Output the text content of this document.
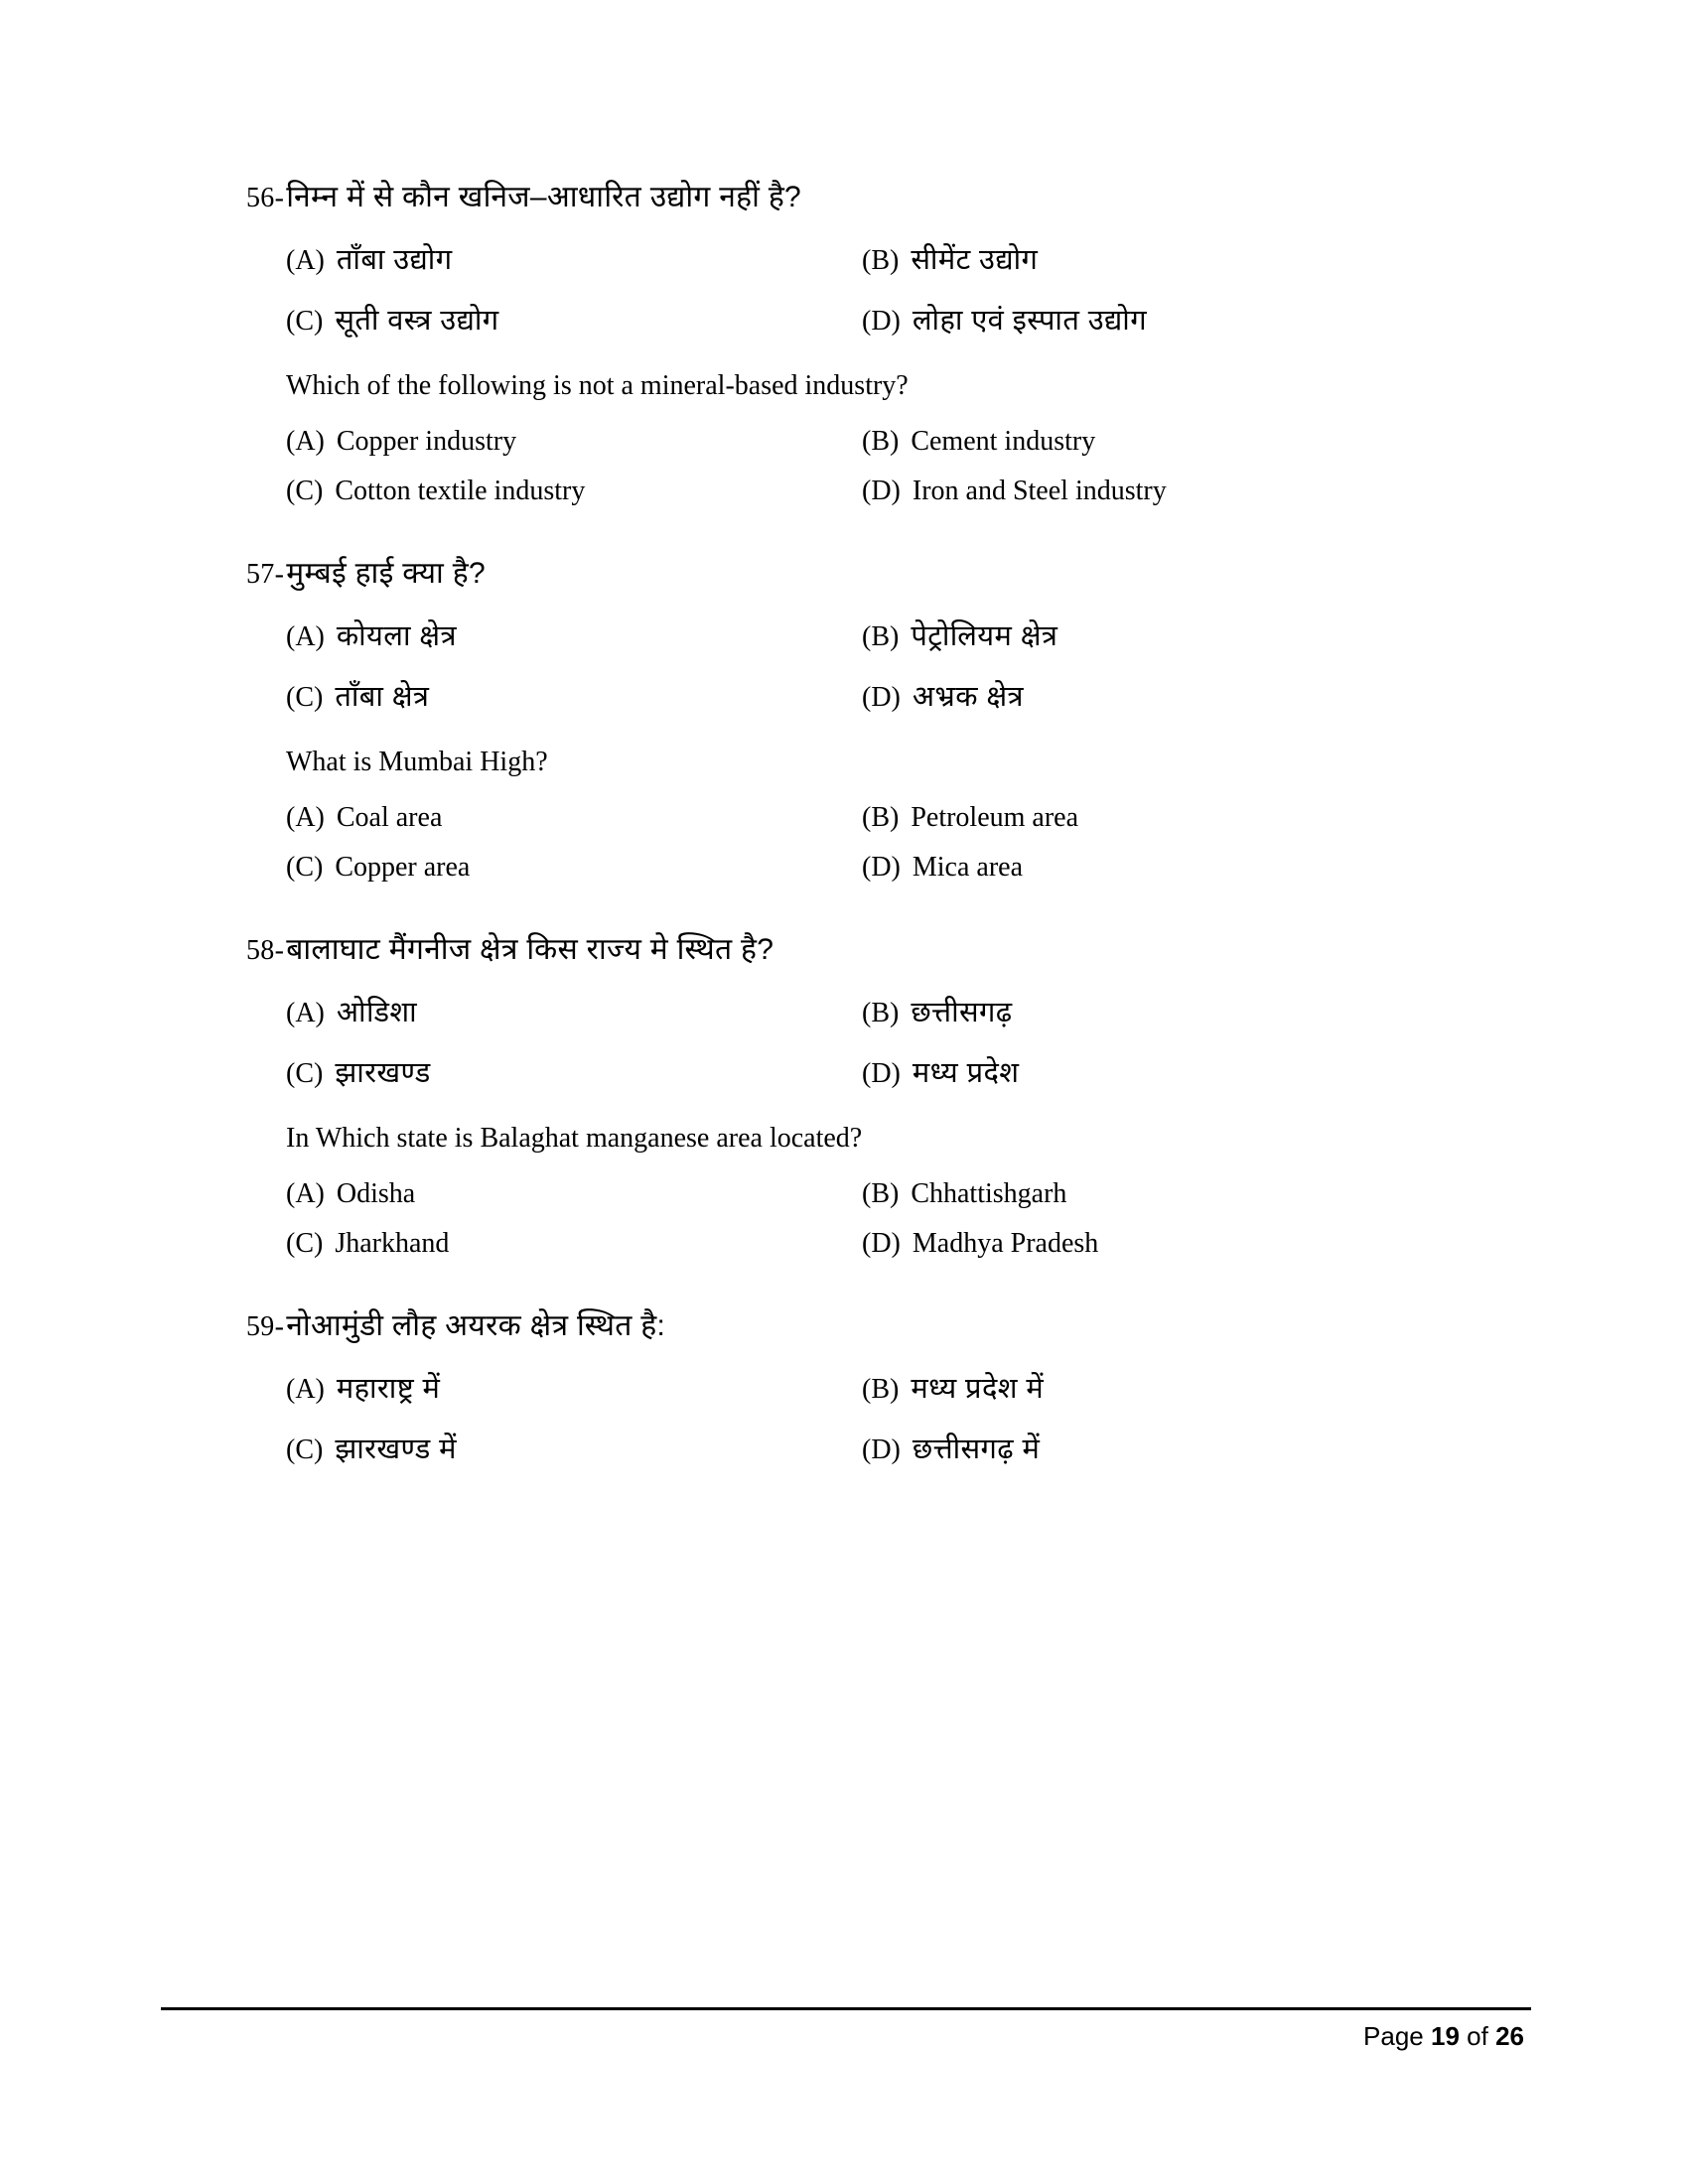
56- निम्न में से कौन खनिज–आधारित उद्योग नहीं है?
(A) ताँबा उद्योग	(B) सीमेंट उद्योग
(C) सूती वस्त्र उद्योग	(D) लोहा एवं इस्पात उद्योग
Which of the following is not a mineral-based industry?
(A) Copper industry	(B) Cement industry
(C) Cotton textile industry	(D) Iron and Steel industry
57- मुम्बई हाई क्या है?
(A) कोयला क्षेत्र	(B) पेट्रोलियम क्षेत्र
(C) ताँबा क्षेत्र	(D) अभ्रक क्षेत्र
What is Mumbai High?
(A) Coal area	(B) Petroleum area
(C) Copper area	(D) Mica area
58- बालाघाट मैंगनीज क्षेत्र किस राज्य मे स्थित है?
(A) ओडिशा	(B) छत्तीसगढ़
(C) झारखण्ड	(D) मध्य प्रदेश
In Which state is Balaghat manganese area located?
(A) Odisha	(B) Chhattishgarh
(C) Jharkhand	(D) Madhya Pradesh
59- नोआमुंडी लौह अयरक क्षेत्र स्थित है:
(A) महाराष्ट्र में	(B) मध्य प्रदेश में
(C) झारखण्ड में	(D) छत्तीसगढ़ में
Page 19 of 26
